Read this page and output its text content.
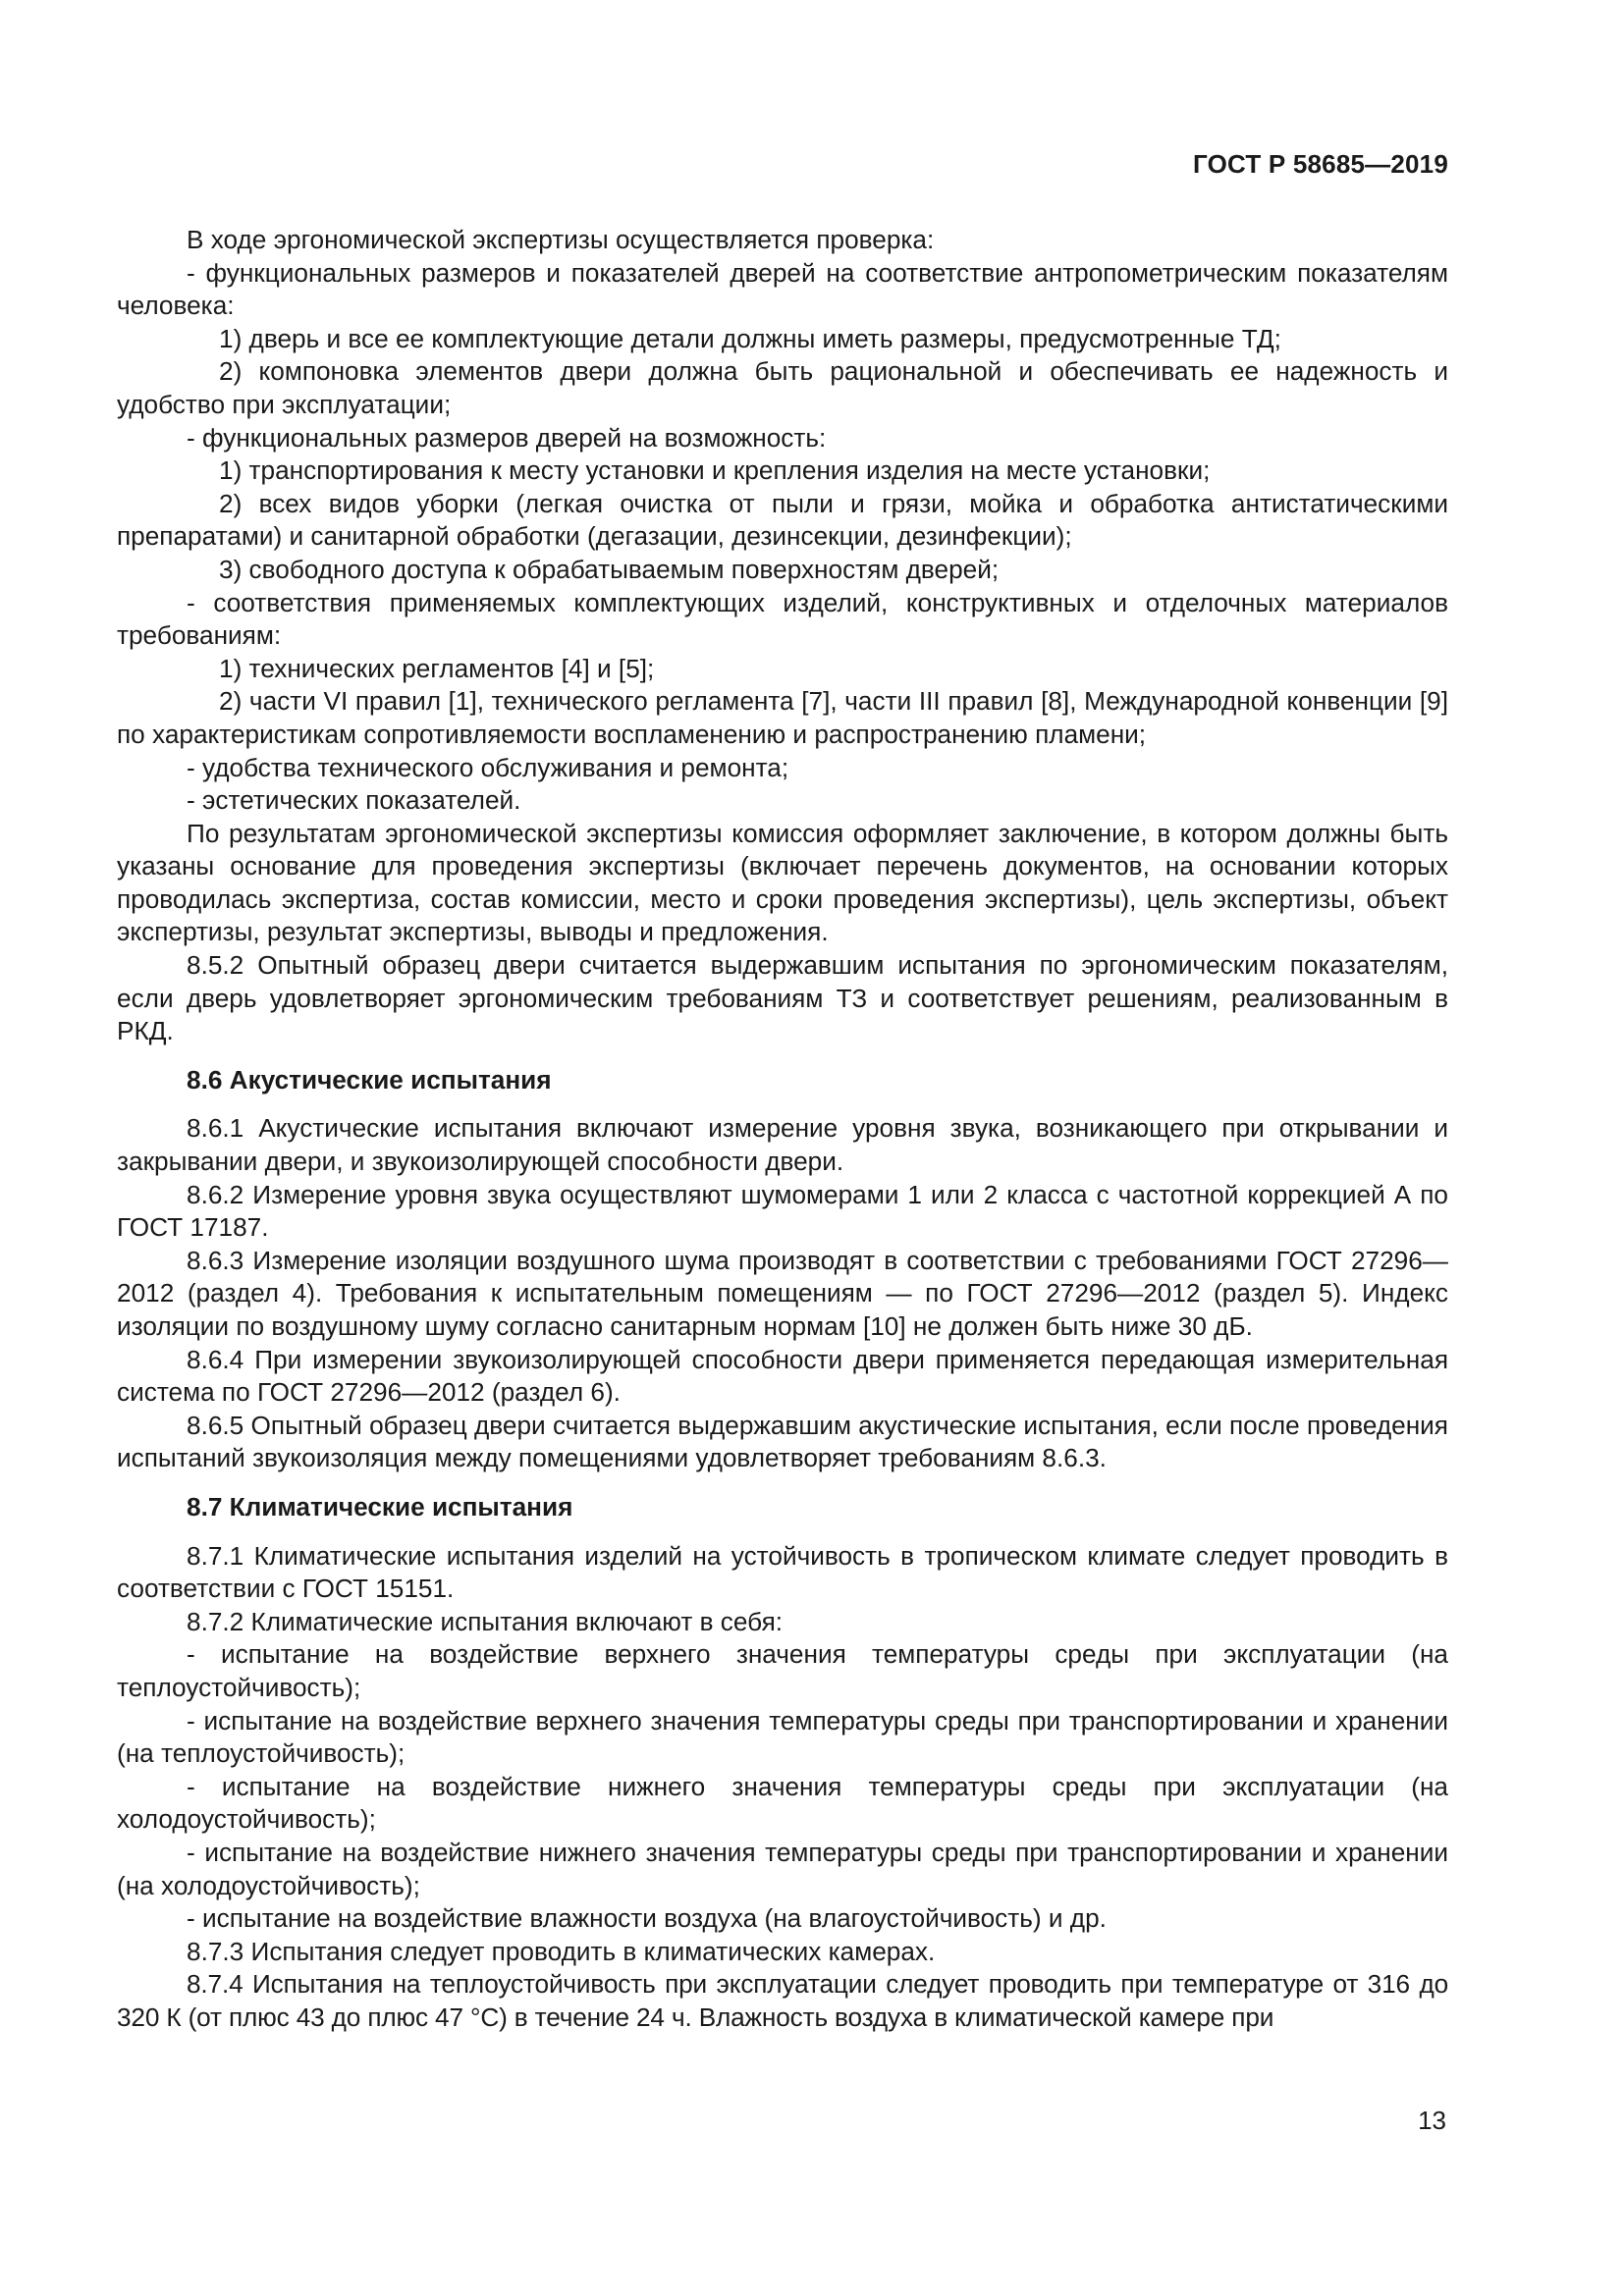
ГОСТ Р 58685—2019

В ходе эргономической экспертизы осуществляется проверка:

- функциональных размеров и показателей дверей на соответствие антропометрическим показателям человека:

1) дверь и все ее комплектующие детали должны иметь размеры, предусмотренные ТД;

2) компоновка элементов двери должна быть рациональной и обеспечивать ее надежность и удобство при эксплуатации;

- функциональных размеров дверей на возможность:

1) транспортирования к месту установки и крепления изделия на месте установки;

2) всех видов уборки (легкая очистка от пыли и грязи, мойка и обработка антистатическими препаратами) и санитарной обработки (дегазации, дезинсекции, дезинфекции);

3) свободного доступа к обрабатываемым поверхностям дверей;

- соответствия применяемых комплектующих изделий, конструктивных и отделочных материалов требованиям:

1) технических регламентов [4] и [5];

2) части VI правил [1], технического регламента [7], части III правил [8], Международной конвенции [9] по характеристикам сопротивляемости воспламенению и распространению пламени;

- удобства технического обслуживания и ремонта;

- эстетических показателей.

По результатам эргономической экспертизы комиссия оформляет заключение, в котором должны быть указаны основание для проведения экспертизы (включает перечень документов, на основании которых проводилась экспертиза, состав комиссии, место и сроки проведения экспертизы), цель экспертизы, объект экспертизы, результат экспертизы, выводы и предложения.

8.5.2 Опытный образец двери считается выдержавшим испытания по эргономическим показателям, если дверь удовлетворяет эргономическим требованиям ТЗ и соответствует решениям, реализованным в РКД.

8.6 Акустические испытания

8.6.1 Акустические испытания включают измерение уровня звука, возникающего при открывании и закрывании двери, и звукоизолирующей способности двери.

8.6.2 Измерение уровня звука осуществляют шумомерами 1 или 2 класса с частотной коррекцией А по ГОСТ 17187.

8.6.3 Измерение изоляции воздушного шума производят в соответствии с требованиями ГОСТ 27296—2012 (раздел 4). Требования к испытательным помещениям — по ГОСТ 27296—2012 (раздел 5). Индекс изоляции по воздушному шуму согласно санитарным нормам [10] не должен быть ниже 30 дБ.

8.6.4 При измерении звукоизолирующей способности двери применяется передающая измерительная система по ГОСТ 27296—2012 (раздел 6).

8.6.5 Опытный образец двери считается выдержавшим акустические испытания, если после проведения испытаний звукоизоляция между помещениями удовлетворяет требованиям 8.6.3.

8.7 Климатические испытания

8.7.1 Климатические испытания изделий на устойчивость в тропическом климате следует проводить в соответствии с ГОСТ 15151.

8.7.2 Климатические испытания включают в себя:

- испытание на воздействие верхнего значения температуры среды при эксплуатации (на теплоустойчивость);

- испытание на воздействие верхнего значения температуры среды при транспортировании и хранении (на теплоустойчивость);

- испытание на воздействие нижнего значения температуры среды при эксплуатации (на холодоустойчивость);

- испытание на воздействие нижнего значения температуры среды при транспортировании и хранении (на холодоустойчивость);

- испытание на воздействие влажности воздуха (на влагоустойчивость) и др.

8.7.3 Испытания следует проводить в климатических камерах.

8.7.4 Испытания на теплоустойчивость при эксплуатации следует проводить при температуре от 316 до 320 К (от плюс 43 до плюс 47 °С) в течение 24 ч. Влажность воздуха в климатической камере при

13
